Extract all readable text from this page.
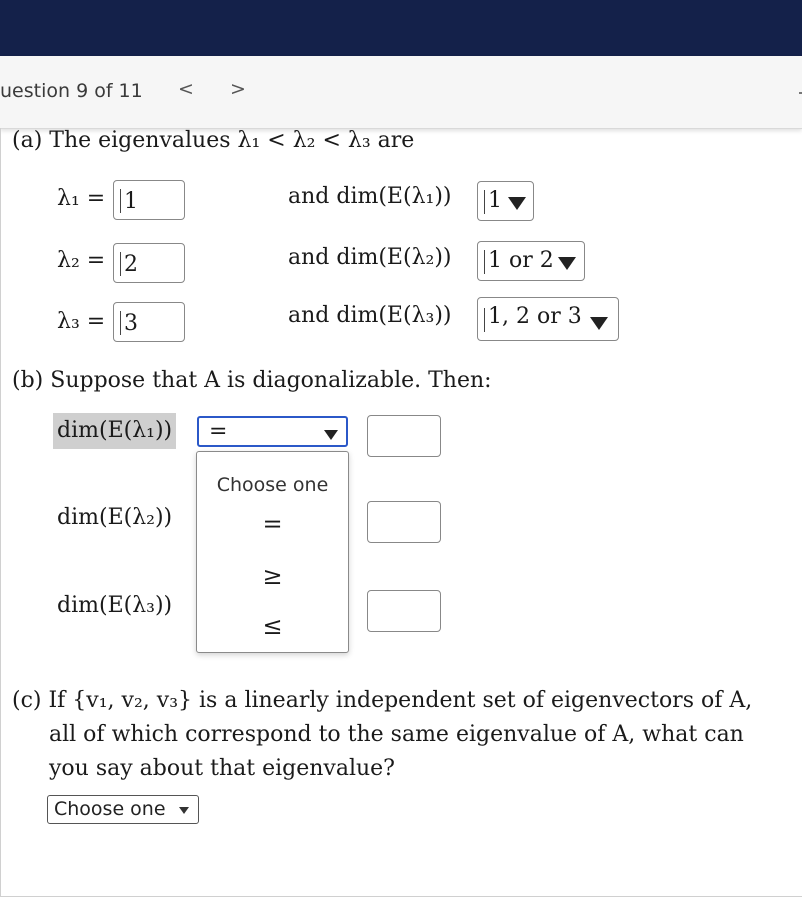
uestion 9 of 11 < >
(a) The eigenvalues λ₁ < λ₂ < λ₃ are
λ₁ = 1	and dim(E(λ₁)) 1
λ₂ = 2	and dim(E(λ₂)) 1 or 2
λ₃ = 3	and dim(E(λ₃)) 1, 2 or 3
(b) Suppose that A is diagonalizable. Then:
dim(E(λ₁)) =
dim(E(λ₂))
dim(E(λ₃))
Choose one
=
≥
≤
(c) If {v₁, v₂, v₃} is a linearly independent set of eigenvectors of A,
all of which correspond to the same eigenvalue of A, what can
you say about that eigenvalue?
Choose one
